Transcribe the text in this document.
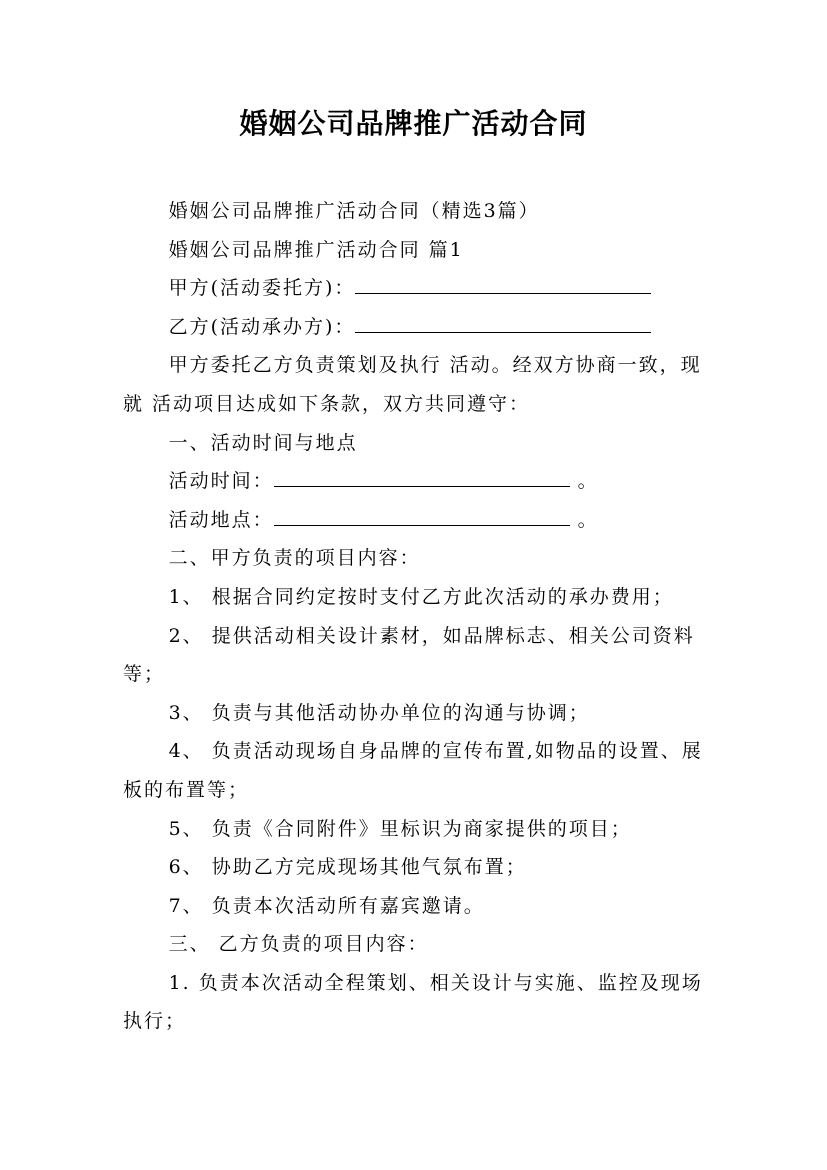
婚姻公司品牌推广活动合同

婚姻公司品牌推广活动合同（精选3篇）

婚姻公司品牌推广活动合同 篇1

甲方(活动委托方)：

乙方(活动承办方)：

甲方委托乙方负责策划及执行 活动。经双方协商一致，现就 活动项目达成如下条款，双方共同遵守：

一、活动时间与地点

活动时间：	。

活动地点：	。

二、甲方负责的项目内容：

1、 根据合同约定按时支付乙方此次活动的承办费用；

2、 提供活动相关设计素材，如品牌标志、相关公司资料等；

3、 负责与其他活动协办单位的沟通与协调；

4、 负责活动现场自身品牌的宣传布置,如物品的设置、展板的布置等；

5、 负责《合同附件》里标识为商家提供的项目；

6、 协助乙方完成现场其他气氛布置；

7、 负责本次活动所有嘉宾邀请。

三、 乙方负责的项目内容：

1. 负责本次活动全程策划、相关设计与实施、监控及现场执行；
